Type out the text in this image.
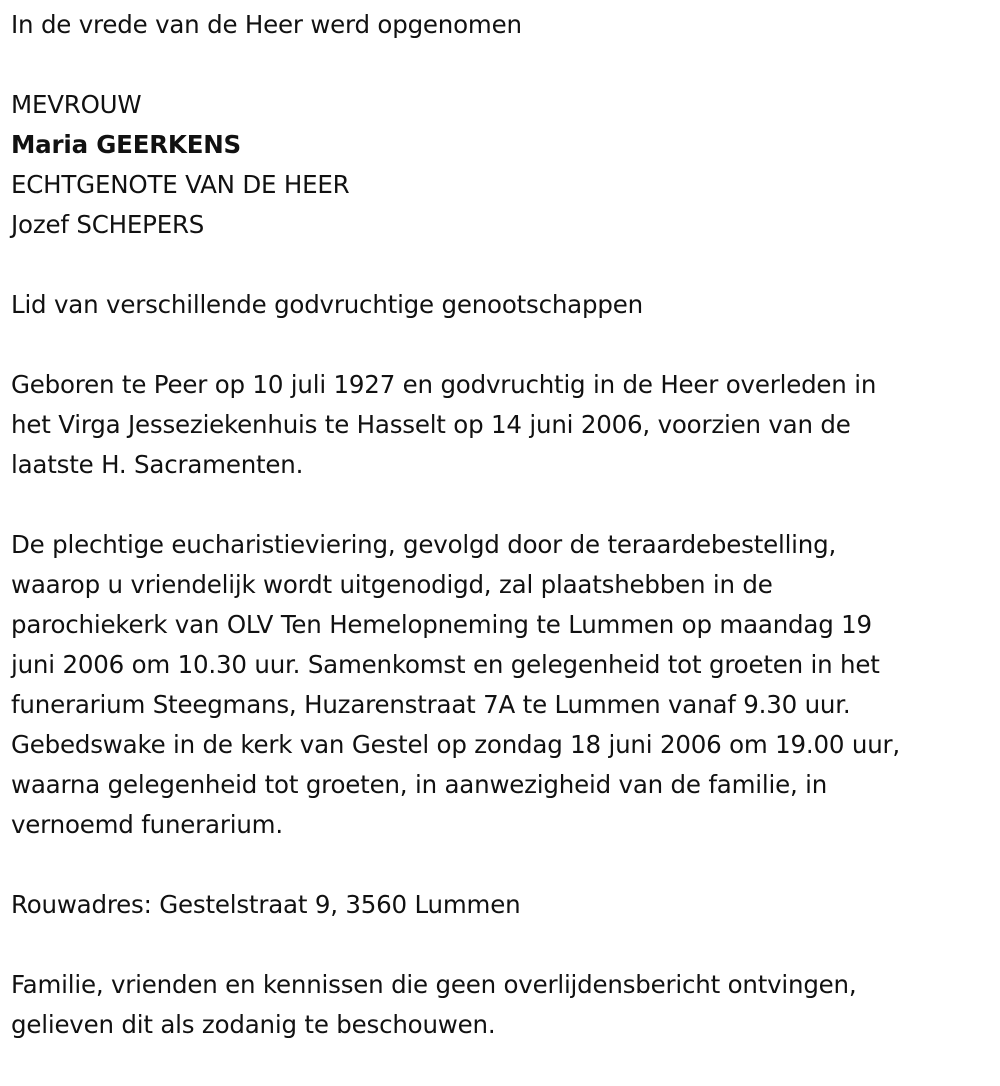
In de vrede van de Heer werd opgenomen
MEVROUW
Maria GEERKENS
ECHTGENOTE VAN DE HEER
Jozef SCHEPERS
Lid van verschillende godvruchtige genootschappen
Geboren te Peer op 10 juli 1927 en godvruchtig in de Heer overleden in
het Virga Jesseziekenhuis te Hasselt op 14 juni 2006, voorzien van de
laatste H. Sacramenten.
De plechtige eucharistieviering, gevolgd door de teraardebestelling,
waarop u vriendelijk wordt uitgenodigd, zal plaatshebben in de
parochiekerk van OLV Ten Hemelopneming te Lummen op maandag 19
juni 2006 om 10.30 uur. Samenkomst en gelegenheid tot groeten in het
funerarium Steegmans, Huzarenstraat 7A te Lummen vanaf 9.30 uur.
Gebedswake in de kerk van Gestel op zondag 18 juni 2006 om 19.00 uur,
waarna gelegenheid tot groeten, in aanwezigheid van de familie, in
vernoemd funerarium.
Rouwadres: Gestelstraat 9, 3560 Lummen
Familie, vrienden en kennissen die geen overlijdensbericht ontvingen,
gelieven dit als zodanig te beschouwen.
